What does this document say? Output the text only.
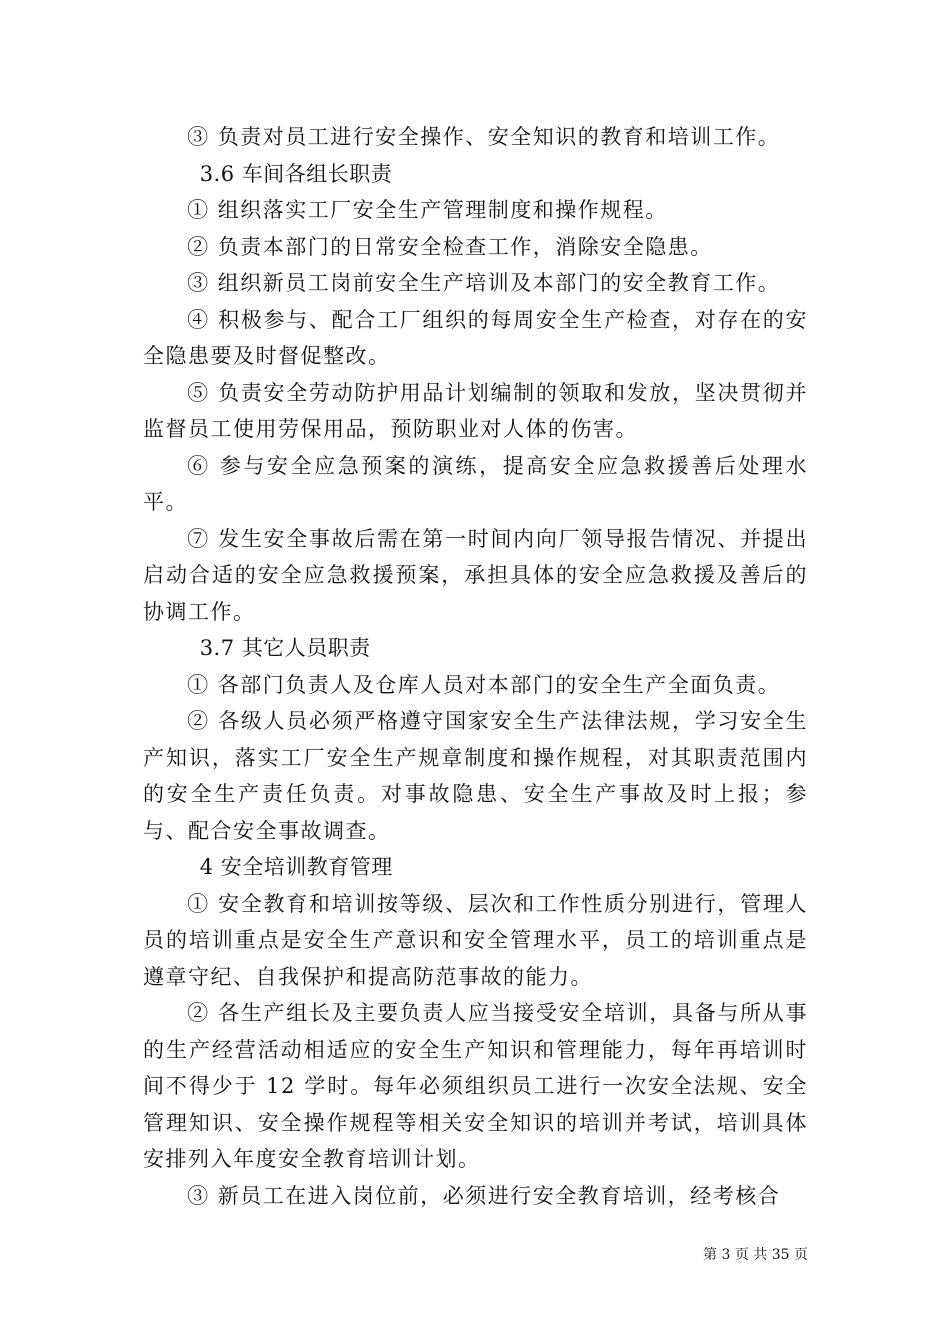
③ 负责对员工进行安全操作、安全知识的教育和培训工作。

3.6 车间各组长职责

① 组织落实工厂安全生产管理制度和操作规程。

② 负责本部门的日常安全检查工作，消除安全隐患。

③ 组织新员工岗前安全生产培训及本部门的安全教育工作。

④ 积极参与、配合工厂组织的每周安全生产检查，对存在的安全隐患要及时督促整改。

⑤ 负责安全劳动防护用品计划编制的领取和发放，坚决贯彻并监督员工使用劳保用品，预防职业对人体的伤害。

⑥ 参与安全应急预案的演练，提高安全应急救援善后处理水平。

⑦ 发生安全事故后需在第一时间内向厂领导报告情况、并提出启动合适的安全应急救援预案，承担具体的安全应急救援及善后的协调工作。

3.7 其它人员职责

① 各部门负责人及仓库人员对本部门的安全生产全面负责。

② 各级人员必须严格遵守国家安全生产法律法规，学习安全生产知识，落实工厂安全生产规章制度和操作规程，对其职责范围内的安全生产责任负责。对事故隐患、安全生产事故及时上报；参与、配合安全事故调查。

4 安全培训教育管理

① 安全教育和培训按等级、层次和工作性质分别进行，管理人员的培训重点是安全生产意识和安全管理水平，员工的培训重点是遵章守纪、自我保护和提高防范事故的能力。

② 各生产组长及主要负责人应当接受安全培训，具备与所从事的生产经营活动相适应的安全生产知识和管理能力，每年再培训时间不得少于 12 学时。每年必须组织员工进行一次安全法规、安全管理知识、安全操作规程等相关安全知识的培训并考试，培训具体安排列入年度安全教育培训计划。

③ 新员工在进入岗位前，必须进行安全教育培训，经考核合

第 3 页 共 35 页
